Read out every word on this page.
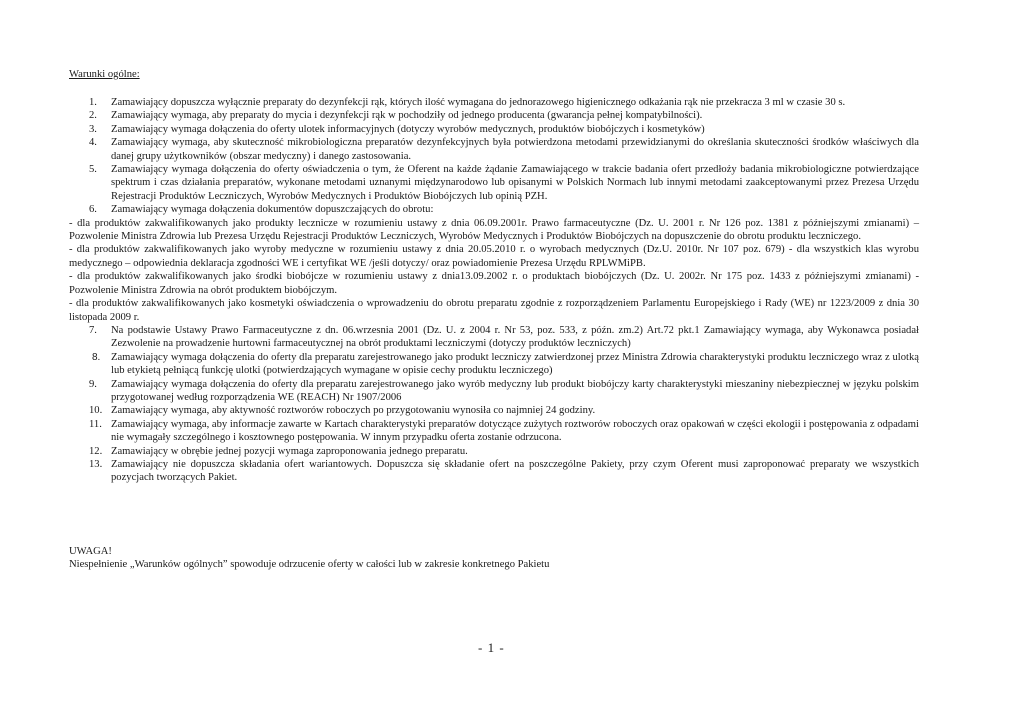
Warunki ogólne:
1. Zamawiający dopuszcza wyłącznie preparaty do dezynfekcji rąk, których ilość wymagana do jednorazowego higienicznego odkażania rąk nie przekracza 3 ml w czasie 30 s.
2. Zamawiający wymaga, aby preparaty do mycia i dezynfekcji rąk w pochodziły od jednego producenta (gwarancja pełnej kompatybilności).
3. Zamawiający wymaga dołączenia do oferty ulotek informacyjnych (dotyczy wyrobów medycznych, produktów biobójczych i kosmetyków)
4. Zamawiający wymaga, aby skuteczność mikrobiologiczna preparatów dezynfekcyjnych była potwierdzona metodami przewidzianymi do określania skuteczności środków właściwych dla danej grupy użytkowników (obszar medyczny) i danego zastosowania.
5. Zamawiający wymaga dołączenia do oferty oświadczenia o tym, że Oferent na każde żądanie Zamawiającego w trakcie badania ofert przedłoży badania mikrobiologiczne potwierdzające spektrum i czas działania preparatów, wykonane metodami uznanymi międzynarodowo lub opisanymi w Polskich Normach lub innymi metodami zaakceptowanymi przez Prezesa Urzędu Rejestracji Produktów Leczniczych, Wyrobów Medycznych i Produktów Biobójczych lub opinią PZH.
6. Zamawiający wymaga dołączenia dokumentów dopuszczających do obrotu:
- dla produktów zakwalifikowanych jako produkty lecznicze w rozumieniu ustawy z dnia 06.09.2001r. Prawo farmaceutyczne (Dz. U. 2001 r. Nr 126 poz. 1381 z późniejszymi zmianami) – Pozwolenie Ministra Zdrowia lub Prezesa Urzędu Rejestracji Produktów Leczniczych, Wyrobów Medycznych i Produktów Biobójczych na dopuszczenie do obrotu produktu leczniczego.
- dla produktów zakwalifikowanych jako wyroby medyczne w rozumieniu ustawy z dnia 20.05.2010 r. o wyrobach medycznych (Dz.U. 2010r. Nr 107 poz. 679) - dla wszystkich klas wyrobu medycznego – odpowiednia deklaracja zgodności WE i certyfikat WE /jeśli dotyczy/ oraz powiadomienie Prezesa Urzędu RPLWMiPB.
- dla produktów zakwalifikowanych jako środki biobójcze w rozumieniu ustawy z dnia13.09.2002 r. o produktach biobójczych (Dz. U. 2002r. Nr 175 poz. 1433 z późniejszymi zmianami) - Pozwolenie Ministra Zdrowia na obrót produktem biobójczym.
- dla produktów zakwalifikowanych jako kosmetyki oświadczenia o wprowadzeniu do obrotu preparatu zgodnie z rozporządzeniem Parlamentu Europejskiego i Rady (WE) nr 1223/2009 z dnia 30 listopada 2009 r.
7. Na podstawie Ustawy Prawo Farmaceutyczne z dn. 06.wrzesnia 2001 (Dz. U. z 2004 r. Nr 53, poz. 533, z późn. zm.2) Art.72 pkt.1 Zamawiający wymaga, aby Wykonawca posiadał Zezwolenie na prowadzenie hurtowni farmaceutycznej na obrót produktami leczniczymi (dotyczy produktów leczniczych)
8. Zamawiający wymaga dołączenia do oferty dla preparatu zarejestrowanego jako produkt leczniczy zatwierdzonej przez Ministra Zdrowia charakterystyki produktu leczniczego wraz z ulotką lub etykietą pełniącą funkcję ulotki (potwierdzających wymagane w opisie cechy produktu leczniczego)
9. Zamawiający wymaga dołączenia do oferty dla preparatu zarejestrowanego jako wyrób medyczny lub produkt biobójczy karty charakterystyki mieszaniny niebezpiecznej w języku polskim przygotowanej według rozporządzenia WE (REACH) Nr 1907/2006
10. Zamawiający wymaga, aby aktywność roztworów roboczych po przygotowaniu wynosiła co najmniej 24 godziny.
11. Zamawiający wymaga, aby informacje zawarte w Kartach charakterystyki preparatów dotyczące zużytych roztworów roboczych oraz opakowań w części ekologii i postępowania z odpadami nie wymagały szczególnego i kosztownego postępowania. W innym przypadku oferta zostanie odrzucona.
12. Zamawiający w obrębie jednej pozycji wymaga zaproponowania jednego preparatu.
13. Zamawiający nie dopuszcza składania ofert wariantowych. Dopuszcza się składanie ofert na poszczególne Pakiety, przy czym Oferent musi zaproponować preparaty we wszystkich pozycjach tworzących Pakiet.
UWAGA!
Niespełnienie „Warunków ogólnych” spowoduje odrzucenie oferty w całości lub w zakresie konkretnego Pakietu
- 1 -
